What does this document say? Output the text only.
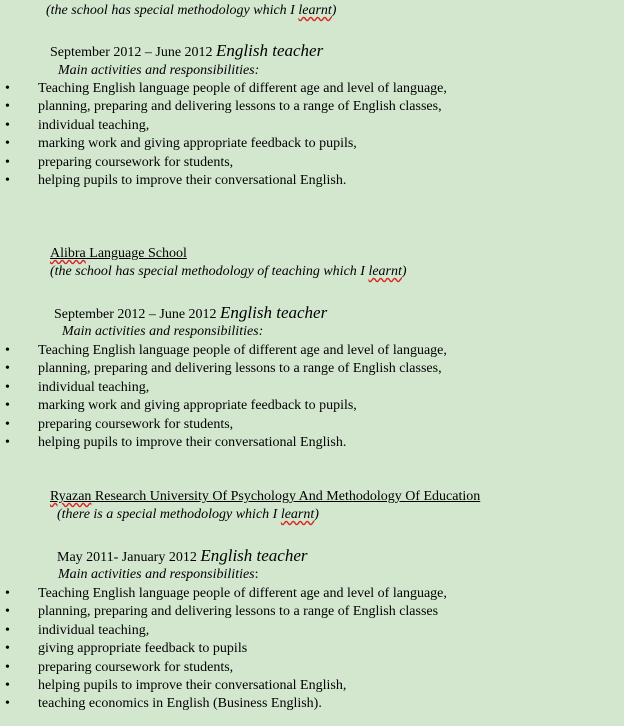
(the school has special methodology which I learnt)
September 2012 – June 2012 English teacher
Main activities and responsibilities:
• Teaching English language people of different age and level of language,
• planning, preparing and delivering lessons to a range of English classes,
• individual teaching,
• marking work and giving appropriate feedback to pupils,
• preparing coursework for students,
• helping pupils to improve their conversational English.
Alibra Language School
(the school has special methodology of teaching which I learnt)
September 2012 – June 2012 English teacher
Main activities and responsibilities:
• Teaching English language people of different age and level of language,
• planning, preparing and delivering lessons to a range of English classes,
• individual teaching,
• marking work and giving appropriate feedback to pupils,
• preparing coursework for students,
• helping pupils to improve their conversational English.
Ryazan Research University Of Psychology And Methodology Of Education
(there is a special methodology which I learnt)
May 2011- January 2012 English teacher
Main activities and responsibilities:
• Teaching English language people of different age and level of language,
• planning, preparing and delivering lessons to a range of English classes
• individual teaching,
• giving appropriate feedback to pupils
• preparing coursework for students,
• helping pupils to improve their conversational English,
• teaching economics in English (Business English).
